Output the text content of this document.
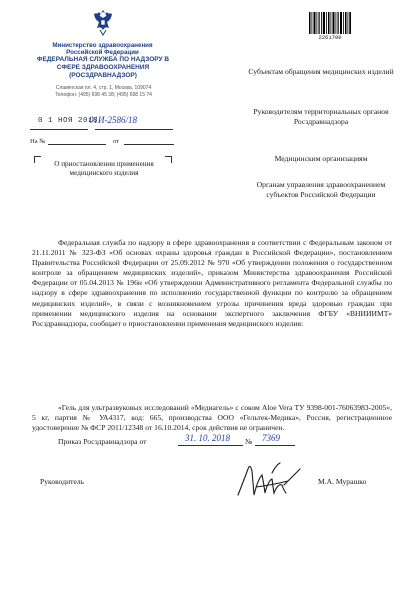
Министерство здравоохранения Российской Федерации
ФЕДЕРАЛЬНАЯ СЛУЖБА ПО НАДЗОРУ В СФЕРЕ ЗДРАВООХРАНЕНИЯ (РОСЗДРАВНАДЗОР)
Славянская пл. 4, стр. 1, Москва, 109074
Телефон: (495) 698 45 38; (495) 698 15 74
0 1 НОЯ 2018
01И-2586/18
На №	от
О приостановлении применения медицинского изделия
2261700
Субъектам обращения медицинских изделий
Руководителям территориальных органов Росздравнадзора
Медицинским организациям
Органам управления здравоохранением субъектов Российской Федерации

Федеральная служба по надзору в сфере здравоохранения в соответствии с Федеральным законом от 21.11.2011 № 323-ФЗ «Об основах охраны здоровья граждан в Российской Федерации», постановлением Правительства Российской Федерации от 25.09.2012 № 970 «Об утверждении положения о государственном контроле за обращением медицинских изделий», приказом Министерства здравоохранения Российской Федерации от 05.04.2013 № 196н «Об утверждении Административного регламента Федеральной службы по надзору в сфере здравоохранения по исполнению государственной функции по контролю за обращением медицинских изделий», в связи с возникновением угрозы причинения вреда здоровью граждан при применении медицинского изделия на основании экспертного заключения ФГБУ «ВНИИИМТ» Росздравнадзора, сообщает о приостановлении применения медицинского изделия:

«Гель для ультразвуковых исследований «Медиагель» с соком Aloe Vera ТУ 9398-001-76063983-2005», 5 кг, партия № УА4317, код: 665, производства ООО «Гельтек-Медика», Россия, регистрационное удостоверение № ФСР 2011/12348 от 16.10.2014, срок действия не ограничен.
Приказ Росздравнадзора от	31. 10. 2018 № 7369
Руководитель	М.А. Мурашко
